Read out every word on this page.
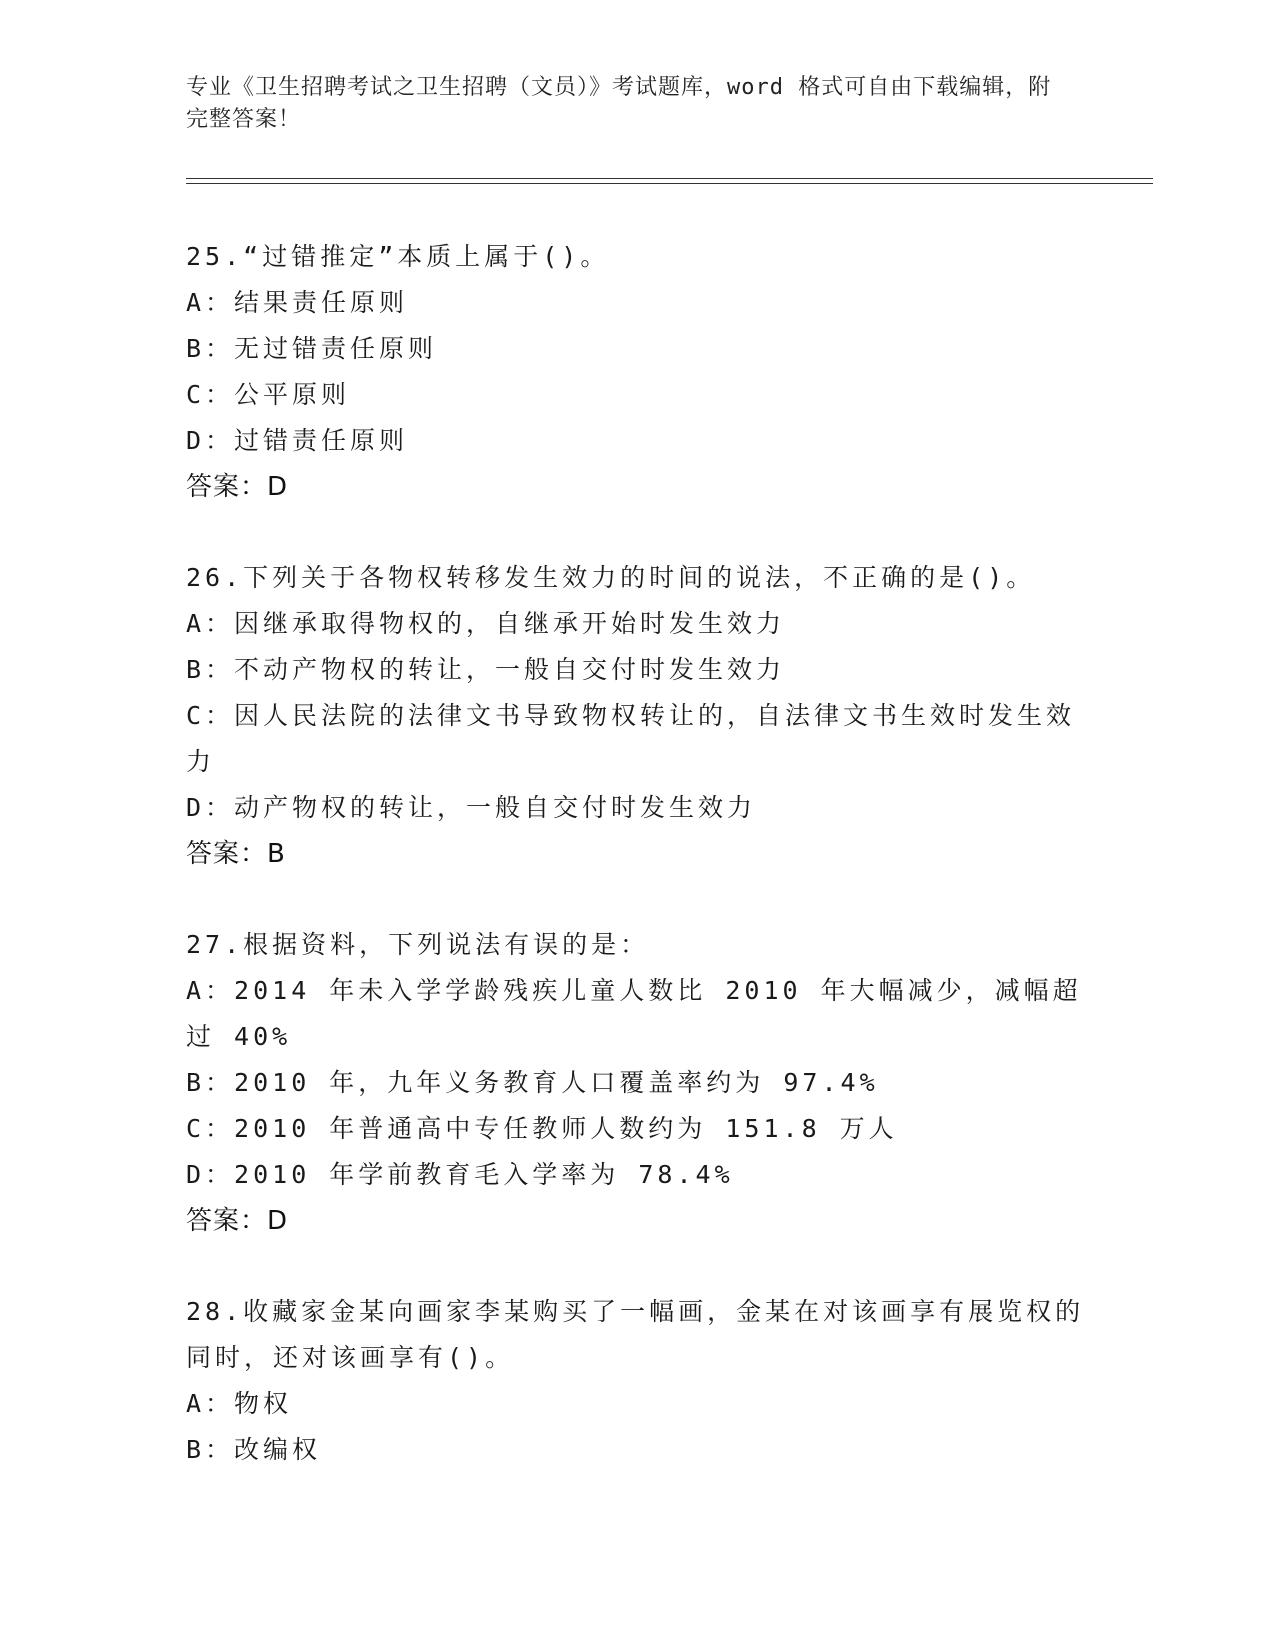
专业《卫生招聘考试之卫生招聘（文员）》考试题库，word 格式可自由下载编辑，附完整答案！
25.“过错推定”本质上属于()。
A：结果责任原则
B：无过错责任原则
C：公平原则
D：过错责任原则
答案：D
26.下列关于各物权转移发生效力的时间的说法，不正确的是()。
A：因继承取得物权的，自继承开始时发生效力
B：不动产物权的转让，一般自交付时发生效力
C：因人民法院的法律文书导致物权转让的，自法律文书生效时发生效力
D：动产物权的转让，一般自交付时发生效力
答案：B
27.根据资料，下列说法有误的是：
A：2014 年未入学学龄残疾儿童人数比 2010 年大幅减少，减幅超过 40%
B：2010 年，九年义务教育人口覆盖率约为 97.4%
C：2010 年普通高中专任教师人数约为 151.8 万人
D：2010 年学前教育毛入学率为 78.4%
答案：D
28.收藏家金某向画家李某购买了一幅画，金某在对该画享有展览权的同时，还对该画享有()。
A：物权
B：改编权
